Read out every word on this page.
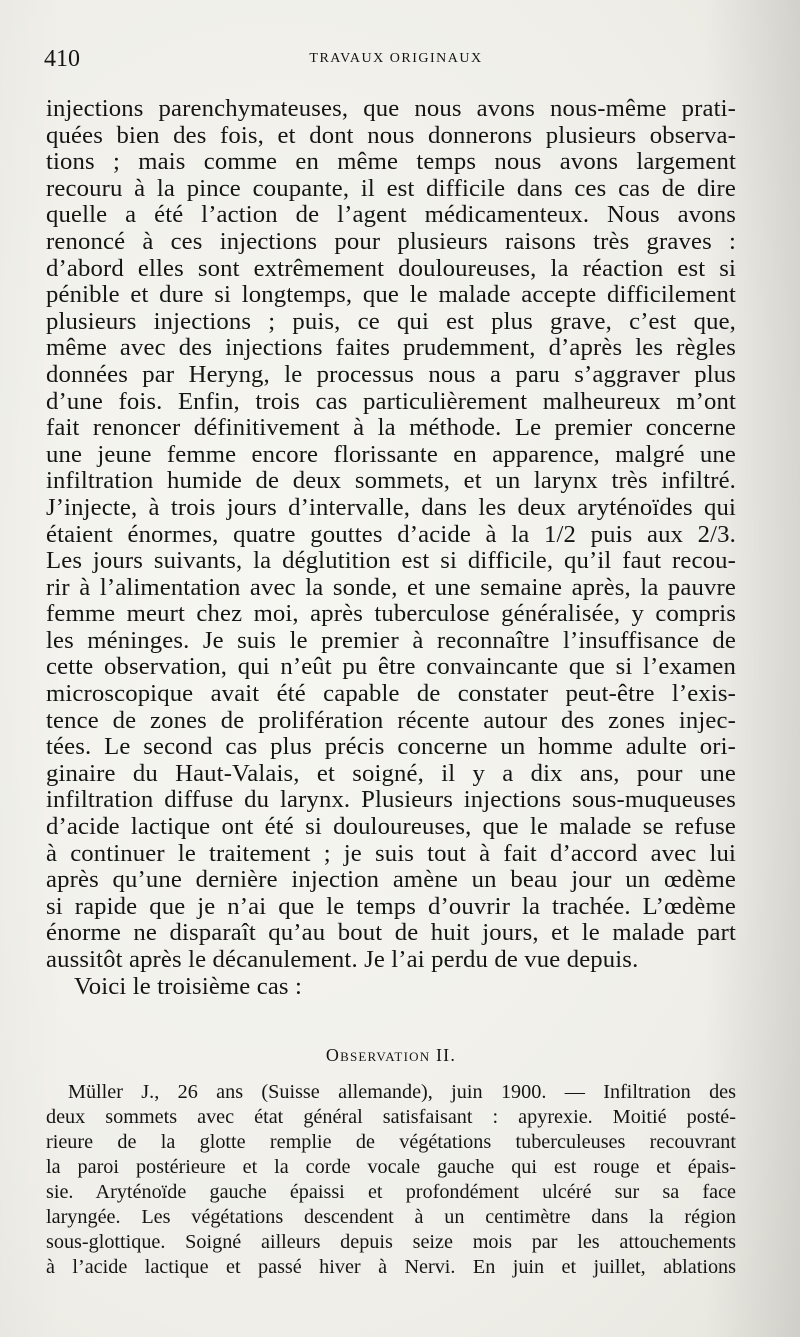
410	TRAVAUX ORIGINAUX
injections parenchymateuses, que nous avons nous-même prati-
quées bien des fois, et dont nous donnerons plusieurs observa-
tions ; mais comme en même temps nous avons largement
recouru à la pince coupante, il est difficile dans ces cas de dire
quelle a été l’action de l’agent médicamenteux. Nous avons
renoncé à ces injections pour plusieurs raisons très graves :
d’abord elles sont extrêmement douloureuses, la réaction est si
pénible et dure si longtemps, que le malade accepte difficilement
plusieurs injections ; puis, ce qui est plus grave, c’est que,
même avec des injections faites prudemment, d’après les règles
données par Heryng, le processus nous a paru s’aggraver plus
d’une fois. Enfin, trois cas particulièrement malheureux m’ont
fait renoncer définitivement à la méthode. Le premier concerne
une jeune femme encore florissante en apparence, malgré une
infiltration humide de deux sommets, et un larynx très infiltré.
J’injecte, à trois jours d’intervalle, dans les deux aryténoïdes qui
étaient énormes, quatre gouttes d’acide à la 1/2 puis aux 2/3.
Les jours suivants, la déglutition est si difficile, qu’il faut recou-
rir à l’alimentation avec la sonde, et une semaine après, la pauvre
femme meurt chez moi, après tuberculose généralisée, y compris
les méninges. Je suis le premier à reconnaître l’insuffisance de
cette observation, qui n’eût pu être convaincante que si l’examen
microscopique avait été capable de constater peut-être l’exis-
tence de zones de prolifération récente autour des zones injec-
tées. Le second cas plus précis concerne un homme adulte ori-
ginaire du Haut-Valais, et soigné, il y a dix ans, pour une
infiltration diffuse du larynx. Plusieurs injections sous-muqueuses
d’acide lactique ont été si douloureuses, que le malade se refuse
à continuer le traitement ; je suis tout à fait d’accord avec lui
après qu’une dernière injection amène un beau jour un œdème
si rapide que je n’ai que le temps d’ouvrir la trachée. L’œdème
énorme ne disparaît qu’au bout de huit jours, et le malade part
aussitôt après le décanulement. Je l’ai perdu de vue depuis.
Voici le troisième cas :
Observation II.
Müller J., 26 ans (Suisse allemande), juin 1900. — Infiltration des
deux sommets avec état général satisfaisant : apyrexie. Moitié posté-
rieure de la glotte remplie de végétations tuberculeuses recouvrant
la paroi postérieure et la corde vocale gauche qui est rouge et épais-
sie. Aryténoïde gauche épaissi et profondément ulcéré sur sa face
laryngée. Les végétations descendent à un centimètre dans la région
sous-glottique. Soigné ailleurs depuis seize mois par les attouchements
à l’acide lactique et passé hiver à Nervi. En juin et juillet, ablations
